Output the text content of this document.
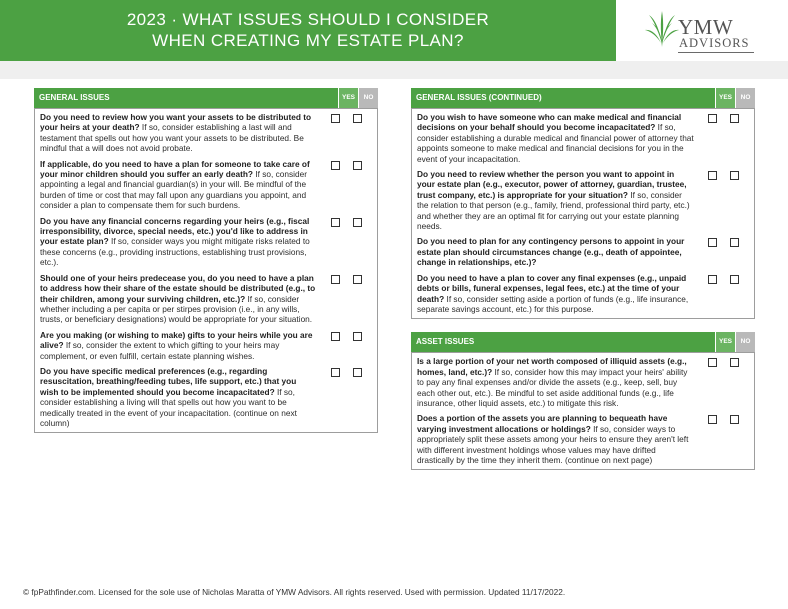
2023 · WHAT ISSUES SHOULD I CONSIDER
WHEN CREATING MY ESTATE PLAN?
YMW
ADVISORS
GENERAL ISSUES	YES	NO
Do you need to review how you want your assets to be distributed to your heirs at your death? If so, consider establishing a last will and testament that spells out how you want your assets to be distributed. Be mindful that a will does not avoid probate.
If applicable, do you need to have a plan for someone to take care of your minor children should you suffer an early death? If so, consider appointing a legal and financial guardian(s) in your will. Be mindful of the burden of time or cost that may fall upon any guardians you appoint, and consider a plan to compensate them for such burdens.
Do you have any financial concerns regarding your heirs (e.g., fiscal irresponsibility, divorce, special needs, etc.) you'd like to address in your estate plan? If so, consider ways you might mitigate risks related to these concerns (e.g., providing instructions, establishing trust provisions, etc.).
Should one of your heirs predecease you, do you need to have a plan to address how their share of the estate should be distributed (e.g., to their children, among your surviving children, etc.)? If so, consider whether including a per capita or per stirpes provision (i.e., in any wills, trusts, or beneficiary designations) would be appropriate for your situation.
Are you making (or wishing to make) gifts to your heirs while you are alive? If so, consider the extent to which gifting to your heirs may complement, or even fulfill, certain estate planning wishes.
Do you have specific medical preferences (e.g., regarding resuscitation, breathing/feeding tubes, life support, etc.) that you wish to be implemented should you become incapacitated? If so, consider establishing a living will that spells out how you want to be medically treated in the event of your incapacitation. (continue on next column)
GENERAL ISSUES (CONTINUED)	YES	NO
Do you wish to have someone who can make medical and financial decisions on your behalf should you become incapacitated? If so, consider establishing a durable medical and financial power of attorney that appoints someone to make medical and financial decisions for you in the event of your incapacitation.
Do you need to review whether the person you want to appoint in your estate plan (e.g., executor, power of attorney, guardian, trustee, trust company, etc.) is appropriate for your situation? If so, consider the relation to that person (e.g., family, friend, professional third party, etc.) and whether they are an optimal fit for carrying out your estate planning needs.
Do you need to plan for any contingency persons to appoint in your estate plan should circumstances change (e.g., death of appointee, change in relationships, etc.)?
Do you need to have a plan to cover any final expenses (e.g., unpaid debts or bills, funeral expenses, legal fees, etc.) at the time of your death? If so, consider setting aside a portion of funds (e.g., life insurance, separate savings account, etc.) for this purpose.
ASSET ISSUES	YES	NO
Is a large portion of your net worth composed of illiquid assets (e.g., homes, land, etc.)? If so, consider how this may impact your heirs' ability to pay any final expenses and/or divide the assets (e.g., keep, sell, buy each other out, etc.). Be mindful to set aside additional funds (e.g., life insurance, other liquid assets, etc.) to mitigate this risk.
Does a portion of the assets you are planning to bequeath have varying investment allocations or holdings? If so, consider ways to appropriately split these assets among your heirs to ensure they aren't left with different investment holdings whose values may have drifted drastically by the time they inherit them. (continue on next page)
© fpPathfinder.com. Licensed for the sole use of Nicholas Maratta of YMW Advisors. All rights reserved. Used with permission. Updated 11/17/2022.
